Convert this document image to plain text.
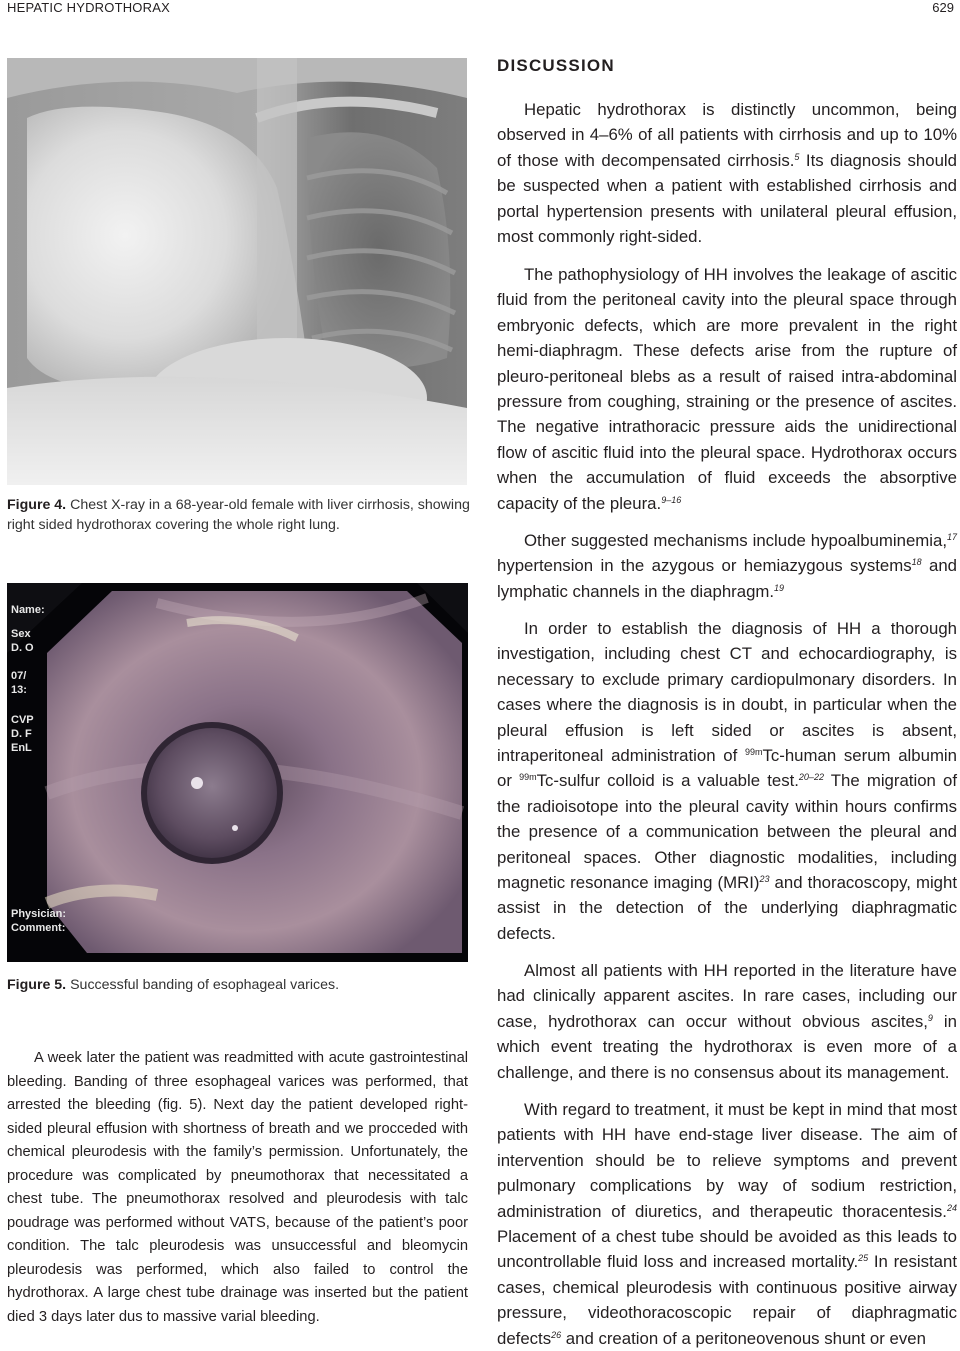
HEPATIC HYDROTHORAX	629
Figure 4. Chest X-ray in a 68-year-old female with liver cirrhosis, showing right sided hydrothorax covering the whole right lung.
Name:
Sex
D. O
07/
13:
CVP
D. F
EnL
Physician:
Comment:
Figure 5. Successful banding of esophageal varices.

A week later the patient was readmitted with acute gastrointestinal bleeding. Banding of three esophageal varices was performed, that arrested the bleeding (fig. 5). Next day the patient developed right-sided pleural effusion with shortness of breath and we procceded with chemical pleurodesis with the family’s permission. Unfortunately, the procedure was complicated by pneumothorax that necessitated a chest tube. The pneumothorax resolved and pleurodesis with talc poudrage was performed without VATS, because of the patient’s poor condition. The talc pleurodesis was unsuccessful and bleomycin pleurodesis was performed, which also failed to control the hydrothorax. A large chest tube drainage was inserted but the patient died 3 days later dus to massive varial bleeding.

DISCUSSION

Hepatic hydrothorax is distinctly uncommon, being observed in 4–6% of all patients with cirrhosis and up to 10% of those with decompensated cirrhosis.$^5$ Its diagnosis should be suspected when a patient with established cirrhosis and portal hypertension presents with unilateral pleural effusion, most commonly right-sided.

The pathophysiology of HH involves the leakage of ascitic fluid from the peritoneal cavity into the pleural space through embryonic defects, which are more prevalent in the right hemi-diaphragm. These defects arise from the rupture of pleuro-peritoneal blebs as a result of raised intra-abdominal pressure from coughing, straining or the presence of ascites. The negative intrathoracic pressure aids the unidirectional flow of ascitic fluid into the pleural space. Hydrothorax occurs when the accumulation of fluid exceeds the absorptive capacity of the pleura.$^{9-16}$

Other suggested mechanisms include hypoalbuminemia,$^{17}$ hypertension in the azygous or hemiazygous systems$^{18}$ and lymphatic channels in the diaphragm.$^{19}$

In order to establish the diagnosis of HH a thorough investigation, including chest CT and echocardiography, is necessary to exclude primary cardiopulmonary disorders. In cases where the diagnosis is in doubt, in particular when the pleural effusion is left sided or ascites is absent, intraperitoneal administration of $^{99m}$Tc-human serum albumin or $^{99m}$Tc-sulfur colloid is a valuable test.$^{20-22}$ The migration of the radioisotope into the pleural cavity within hours confirms the presence of a communication between the pleural and peritoneal spaces. Other diagnostic modalities, including magnetic resonance imaging (MRI)$^{23}$ and thoracoscopy, might assist in the detection of the underlying diaphragmatic defects.

Almost all patients with HH reported in the literature have had clinically apparent ascites. In rare cases, including our case, hydrothorax can occur without obvious ascites,$^9$ in which event treating the hydrothorax is even more of a challenge, and there is no consensus about its management.

With regard to treatment, it must be kept in mind that most patients with HH have end-stage liver disease. The aim of intervention should be to relieve symptoms and prevent pulmonary complications by way of sodium restriction, administration of diuretics, and therapeutic thoracentesis.$^{24}$ Placement of a chest tube should be avoided as this leads to uncontrollable fluid loss and increased mortality.$^{25}$ In resistant cases, chemical pleurodesis with continuous positive airway pressure, videothoracoscopic repair of diaphragmatic defects$^{26}$ and creation of a peritoneovenous shunt or even
